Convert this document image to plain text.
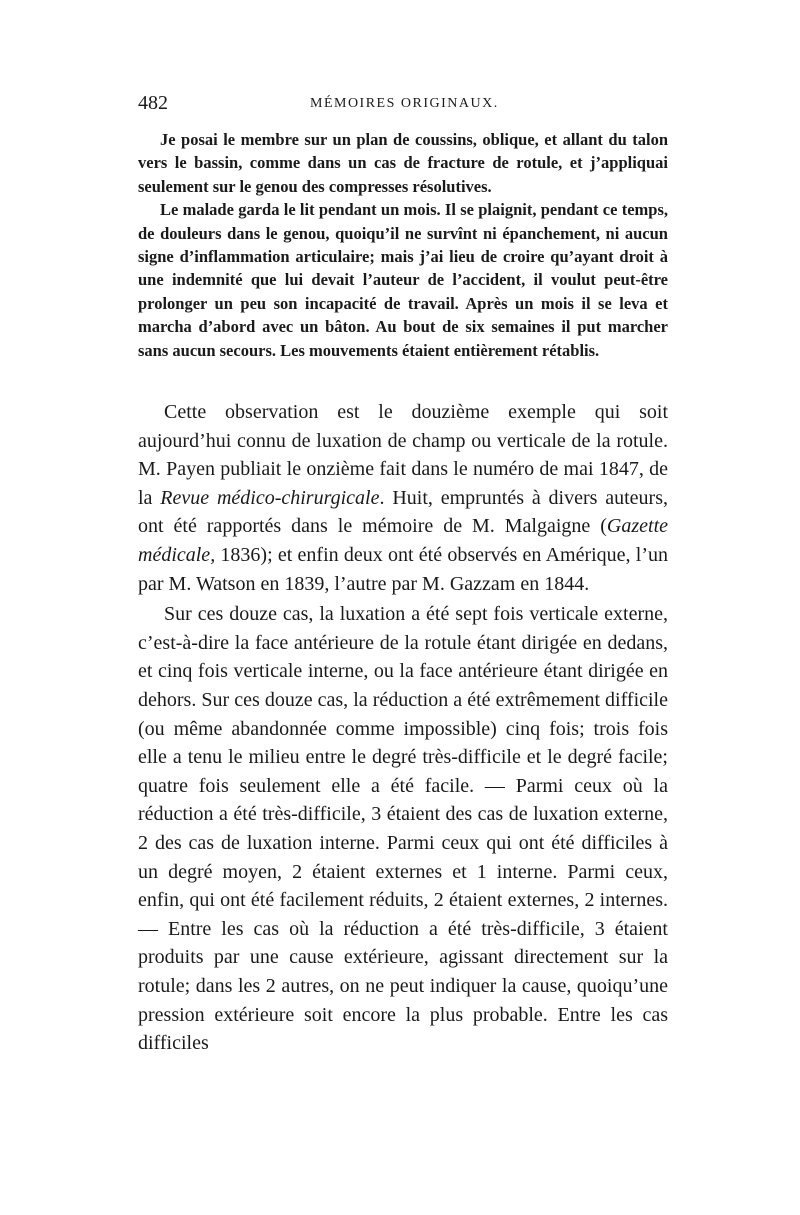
482	MÉMOIRES ORIGINAUX.

Je posai le membre sur un plan de coussins, oblique, et allant du talon vers le bassin, comme dans un cas de fracture de rotule, et j’appliquai seulement sur le genou des compresses résolutives.

Le malade garda le lit pendant un mois. Il se plaignit, pendant ce temps, de douleurs dans le genou, quoiqu’il ne survînt ni épanchement, ni aucun signe d’inflammation articulaire; mais j’ai lieu de croire qu’ayant droit à une indemnité que lui devait l’auteur de l’accident, il voulut peut-être prolonger un peu son incapacité de travail. Après un mois il se leva et marcha d’abord avec un bâton. Au bout de six semaines il put marcher sans aucun secours. Les mouvements étaient entièrement rétablis.

Cette observation est le douzième exemple qui soit aujourd’hui connu de luxation de champ ou verticale de la rotule. M. Payen publiait le onzième fait dans le numéro de mai 1847, de la Revue médico-chirurgicale. Huit, empruntés à divers auteurs, ont été rapportés dans le mémoire de M. Malgaigne (Gazette médicale, 1836); et enfin deux ont été observés en Amérique, l’un par M. Watson en 1839, l’autre par M. Gazzam en 1844.

Sur ces douze cas, la luxation a été sept fois verticale externe, c’est-à-dire la face antérieure de la rotule étant dirigée en dedans, et cinq fois verticale interne, ou la face antérieure étant dirigée en dehors. Sur ces douze cas, la réduction a été extrêmement difficile (ou même abandonnée comme impossible) cinq fois; trois fois elle a tenu le milieu entre le degré très-difficile et le degré facile; quatre fois seulement elle a été facile. — Parmi ceux où la réduction a été très-difficile, 3 étaient des cas de luxation externe, 2 des cas de luxation interne. Parmi ceux qui ont été difficiles à un degré moyen, 2 étaient externes et 1 interne. Parmi ceux, enfin, qui ont été facilement réduits, 2 étaient externes, 2 internes. — Entre les cas où la réduction a été très-difficile, 3 étaient produits par une cause extérieure, agissant directement sur la rotule; dans les 2 autres, on ne peut indiquer la cause, quoiqu’une pression extérieure soit encore la plus probable. Entre les cas difficiles
